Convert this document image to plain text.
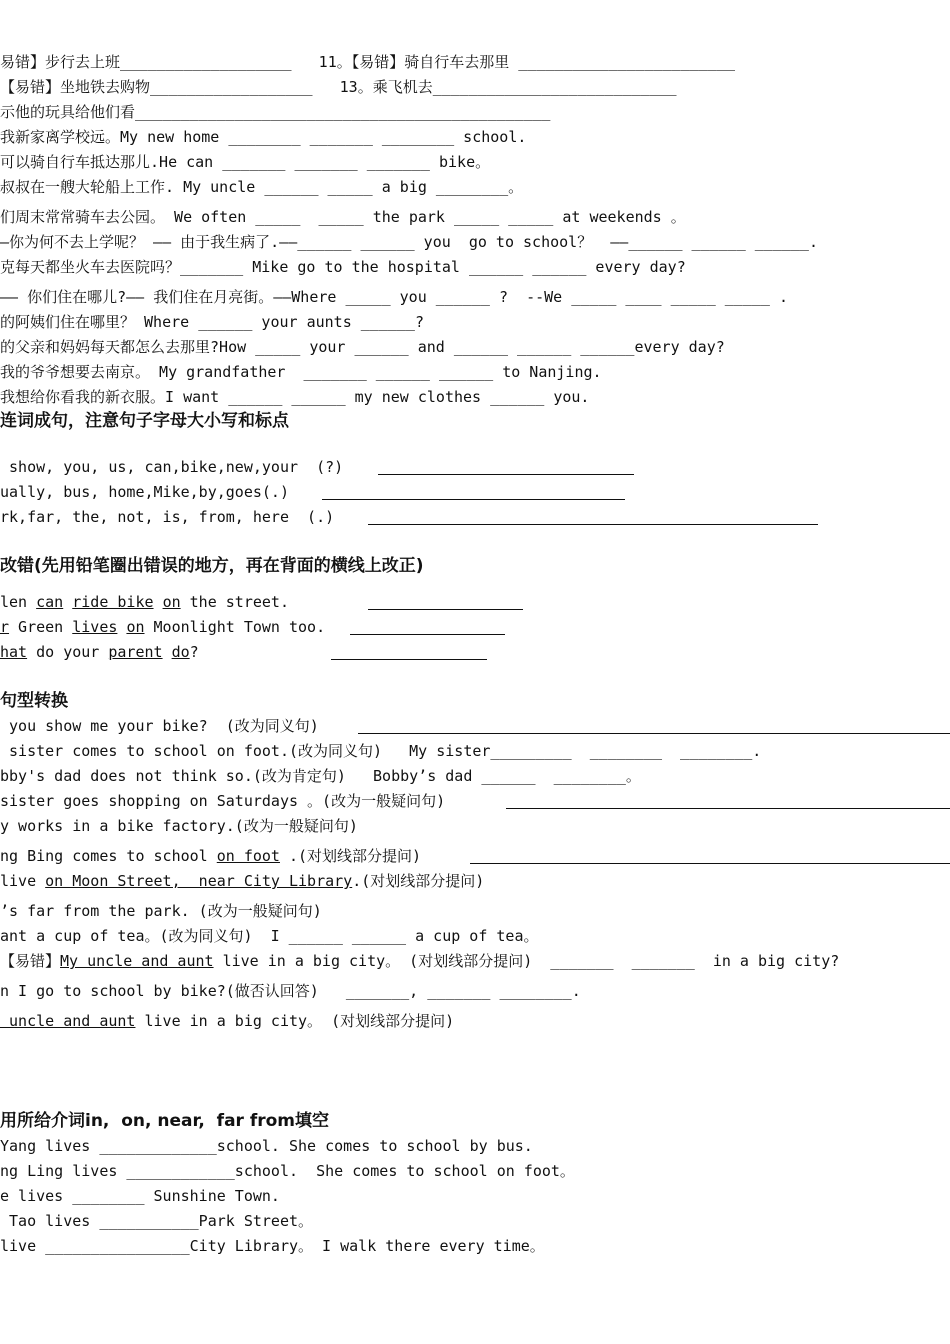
易错】步行去上班___________________   11。【易错】骑自行车去那里 ________________________
【易错】坐地铁去购物__________________   13。乘飞机去___________________________
示他的玩具给他们看______________________________________________
我新家离学校远。My new home ________ _______ ________ school.
可以骑自行车抵达那儿.He can _______ _______ _______ bike。
叔叔在一艘大轮船上工作. My uncle ______ _____ a big ________。
们周末常常骑车去公园。 We often _____  _____ the park _____ _____ at weekends 。
—你为何不去上学呢？ —— 由于我生病了.——______ ______ you  go to school？  ——______ ______ ______.
克每天都坐火车去医院吗？_______ Mike go to the hospital ______ ______ every day?
—— 你们住在哪儿?—— 我们住在月亮街。——Where _____ you ______ ?  --We _____ ____ _____ _____ .
的阿姨们住在哪里？ Where ______ your aunts ______?
的父亲和妈妈每天都怎么去那里?How _____ your ______ and ______ ______ ______every day?
我的爷爷想要去南京。 My grandfather  _______ ______ ______ to Nanjing.
我想给你看我的新衣服。I want ______ ______ my new clothes ______ you.
连词成句，注意句子字母大小写和标点
show, you, us, can,bike,new,your  (?)
ually, bus, home,Mike,by,goes(.)
rk,far, the, not, is, from, here  (.)
改错(先用铅笔圈出错误的地方，再在背面的横线上改正)
len can ride bike on the street.
r Green lives on Moonlight Town too.
hat do your parent do?
句型转换
you show me your bike?  (改为同义句)
sister comes to school on foot.(改为同义句)   My sister_________  ________  ________.
bby's dad does not think so.(改为肯定句)   Bobby’s dad ______  ________。
sister goes shopping on Saturdays 。(改为一般疑问句)
y works in a bike factory.(改为一般疑问句)
ng Bing comes to school on foot .(对划线部分提问)
live on Moon Street,  near City Library.(对划线部分提问)
’s far from the park. (改为一般疑问句)
ant a cup of tea。(改为同义句)  I ______ ______ a cup of tea。
【易错】My uncle and aunt live in a big city。 (对划线部分提问)  _______  _______  in a big city?
n I go to school by bike?(做否认回答)   _______, _______ ________.
uncle and aunt live in a big city。 (对划线部分提问)
用所给介词in,  on, near,  far from填空
Yang lives _____________school. She comes to school by bus.
ng Ling lives ____________school.  She comes to school on foot。
e lives ________ Sunshine Town.
Tao lives ___________Park Street。
live ________________City Library。 I walk there every time。
